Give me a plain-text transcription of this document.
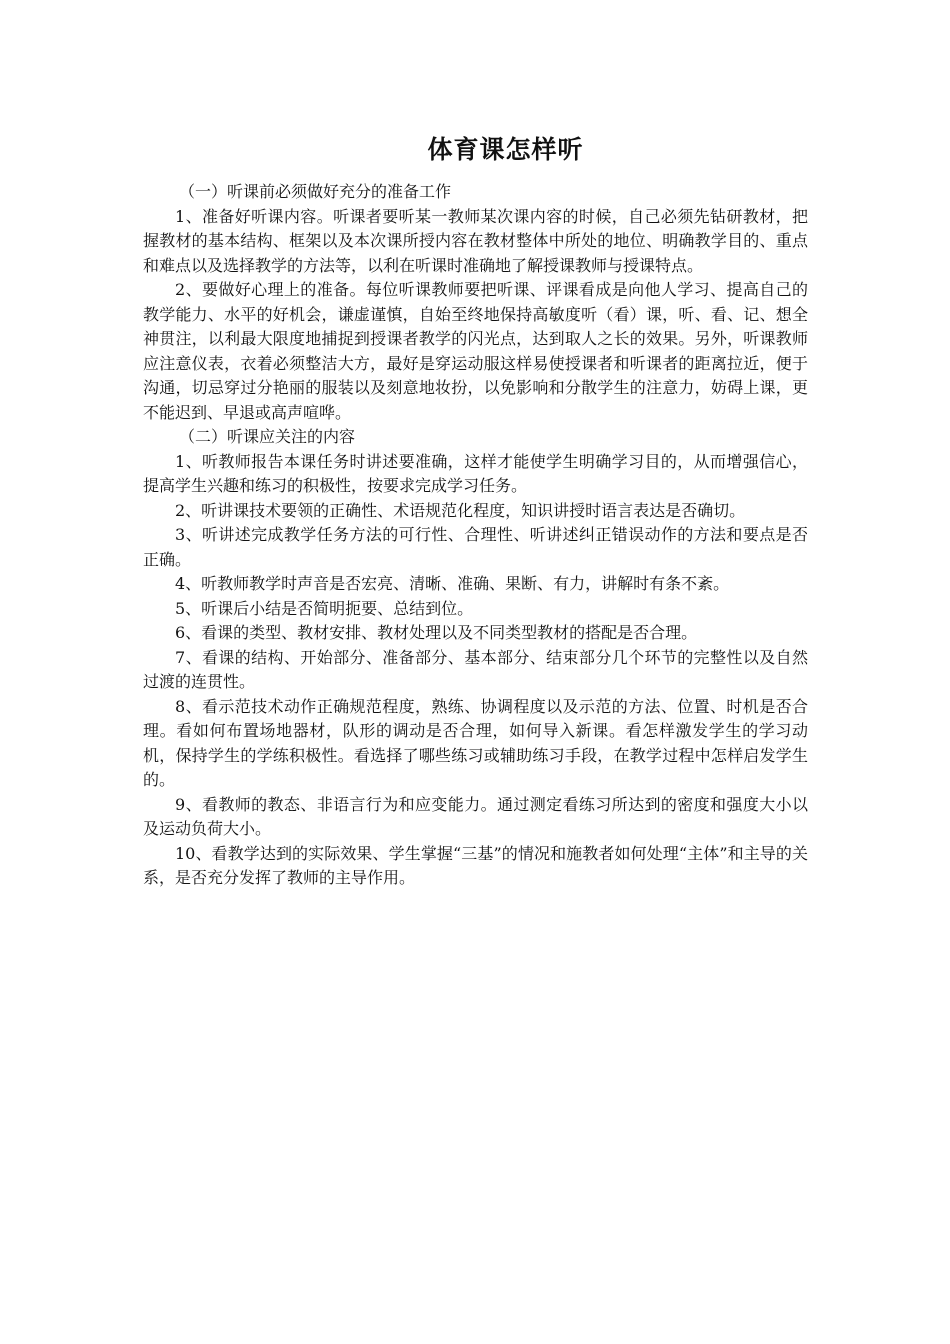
体育课怎样听

（一）听课前必须做好充分的准备工作

1、准备好听课内容。听课者要听某一教师某次课内容的时候，自己必须先钻研教材，把握教材的基本结构、框架以及本次课所授内容在教材整体中所处的地位、明确教学目的、重点和难点以及选择教学的方法等，以利在听课时准确地了解授课教师与授课特点。

2、要做好心理上的准备。每位听课教师要把听课、评课看成是向他人学习、提高自己的教学能力、水平的好机会，谦虚谨慎，自始至终地保持高敏度听（看）课，听、看、记、想全神贯注，以利最大限度地捕捉到授课者教学的闪光点，达到取人之长的效果。另外，听课教师应注意仪表，衣着必须整洁大方，最好是穿运动服这样易使授课者和听课者的距离拉近，便于沟通，切忌穿过分艳丽的服装以及刻意地妆扮，以免影响和分散学生的注意力，妨碍上课，更不能迟到、早退或高声喧哗。

（二）听课应关注的内容

1、听教师报告本课任务时讲述要准确，这样才能使学生明确学习目的，从而增强信心，提高学生兴趣和练习的积极性，按要求完成学习任务。

2、听讲课技术要领的正确性、术语规范化程度，知识讲授时语言表达是否确切。

3、听讲述完成教学任务方法的可行性、合理性、听讲述纠正错误动作的方法和要点是否正确。

4、听教师教学时声音是否宏亮、清晰、准确、果断、有力，讲解时有条不紊。

5、听课后小结是否简明扼要、总结到位。

6、看课的类型、教材安排、教材处理以及不同类型教材的搭配是否合理。

7、看课的结构、开始部分、准备部分、基本部分、结束部分几个环节的完整性以及自然过渡的连贯性。

8、看示范技术动作正确规范程度，熟练、协调程度以及示范的方法、位置、时机是否合理。看如何布置场地器材，队形的调动是否合理，如何导入新课。看怎样激发学生的学习动机，保持学生的学练积极性。看选择了哪些练习或辅助练习手段，在教学过程中怎样启发学生的。

9、看教师的教态、非语言行为和应变能力。通过测定看练习所达到的密度和强度大小以及运动负荷大小。

10、看教学达到的实际效果、学生掌握“三基”的情况和施教者如何处理“主体”和主导的关系，是否充分发挥了教师的主导作用。
